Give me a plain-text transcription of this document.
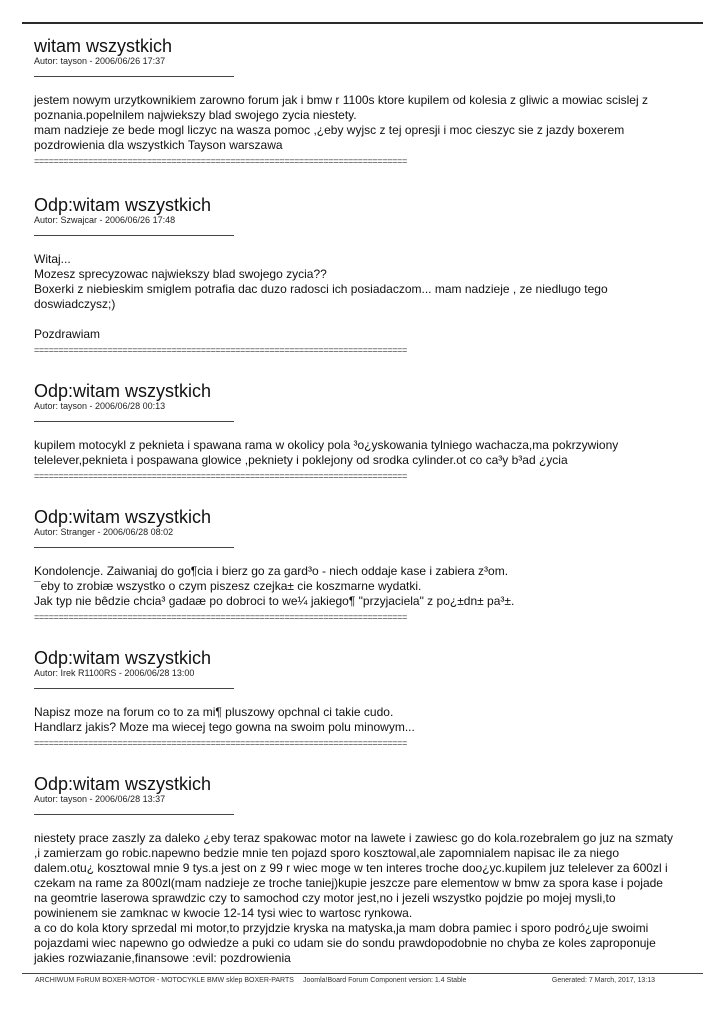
witam wszystkich
Autor: tayson - 2006/06/26 17:37
jestem nowym urzytkownikiem zarowno forum jak i bmw r 1100s ktore kupilem od kolesia z gliwic a mowiac scislej z
poznania.popelnilem najwiekszy blad swojego zycia niestety.
mam nadzieje ze bede mogl liczyc na wasza pomoc ,¿eby wyjsc z tej opresji i moc cieszyc sie z jazdy boxerem
pozdrowienia dla wszystkich Tayson warszawa
============================================================================
Odp:witam wszystkich
Autor: Szwajcar - 2006/06/26 17:48
Witaj...
Mozesz sprecyzowac najwiekszy blad swojego zycia??
Boxerki z niebieskim smiglem potrafia dac duzo radosci ich posiadaczom... mam nadzieje , ze niedlugo tego
doswiadczysz;)

Pozdrawiam
============================================================================
Odp:witam wszystkich
Autor: tayson - 2006/06/28 00:13
kupilem motocykl z peknieta i spawana rama w okolicy pola ³o¿yskowania tylniego wachacza,ma pokrzywiony
telelever,peknieta i pospawana glowice ,pekniety i poklejony od srodka cylinder.ot co ca³y b³ad ¿ycia
============================================================================
Odp:witam wszystkich
Autor: Stranger - 2006/06/28 08:02
Kondolencje. Zaiwaniaj do go¶cia i bierz go za gard³o - niech oddaje kase i zabiera z³om.
¯eby to zrobiæ wszystko o czym piszesz czejka± cie koszmarne wydatki.
Jak typ nie bêdzie chcia³ gadaæ po dobroci to we¼ jakiego¶ "przyjaciela" z po¿±dn± pa³±.
============================================================================
Odp:witam wszystkich
Autor: Irek R1100RS - 2006/06/28 13:00
Napisz moze na forum co to za mi¶ pluszowy opchnal ci takie cudo.
Handlarz jakis? Moze ma wiecej tego gowna na swoim polu minowym...
============================================================================
Odp:witam wszystkich
Autor: tayson - 2006/06/28 13:37
niestety prace zaszly za daleko ¿eby teraz spakowac motor na lawete i zawiesc go do kola.rozebralem go juz na szmaty
,i zamierzam go robic.napewno bedzie mnie ten pojazd sporo kosztowal,ale zapomnialem napisac ile za niego
dalem.otu¿ kosztowal mnie 9 tys.a jest on z 99 r wiec moge w ten interes troche doo¿yc.kupilem juz telelever za 600zl i
czekam na rame za 800zl(mam nadzieje ze troche taniej)kupie jeszcze pare elementow w bmw za spora kase i pojade
na geomtrie laserowa sprawdzic czy to samochod czy motor jest,no i jezeli wszystko pojdzie po mojej mysli,to
powinienem sie zamknac w kwocie 12-14 tysi wiec to wartosc rynkowa.
a co do kola ktory sprzedal mi motor,to przyjdzie kryska na matyska,ja mam dobra pamiec i sporo podró¿uje swoimi
pojazdami wiec napewno go odwiedze a puki co udam sie do sondu prawdopodobnie no chyba ze koles zaproponuje
jakies rozwiazanie,finansowe :evil: pozdrowienia
ARCHIWUM FoRUM BOXER-MOTOR - MOTOCYKLE BMW sklep BOXER-PARTS Joomla!Board Forum Component version: 1.4 Stable	Generated: 7 March, 2017, 13:13
